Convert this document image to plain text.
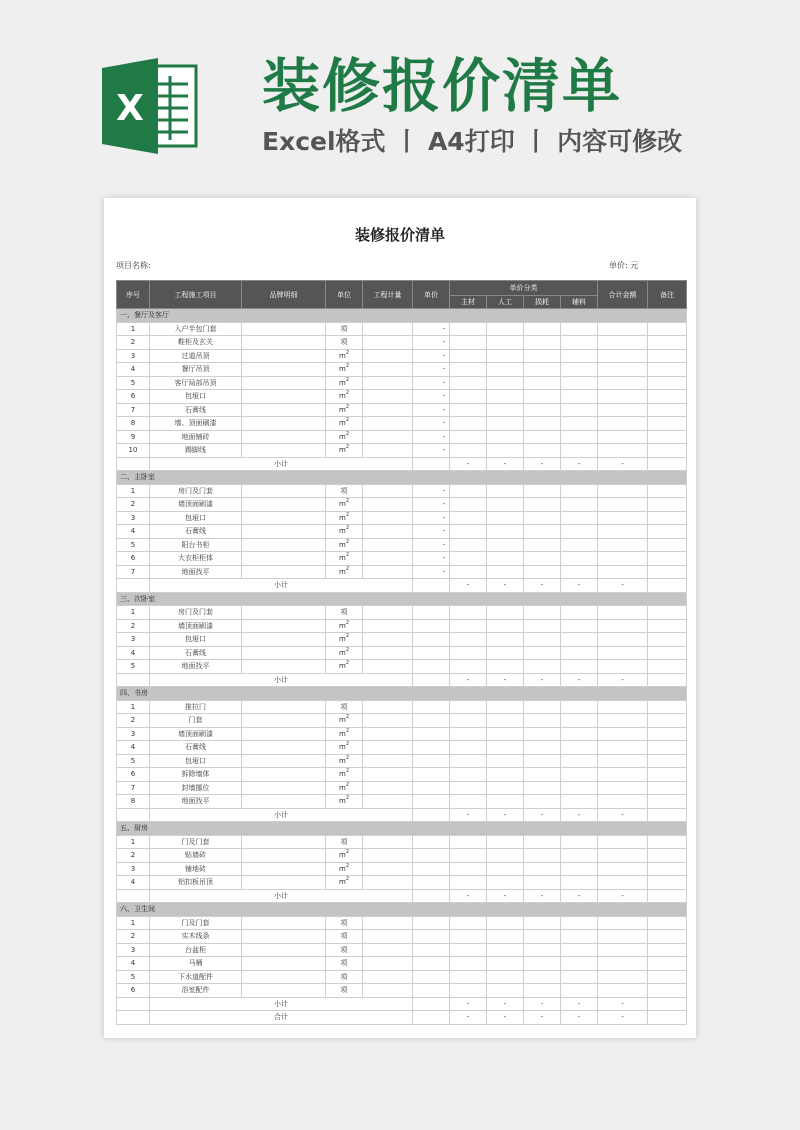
X 装修报价清单
Excel格式 丨 A4打印 丨 内容可修改
装修报价清单
项目名称:	单价: 元
序号	工程施工项目	品牌明细	单位	工程计量	单价	单价分类				合计金额	备注
						主材	人工	损耗	辅料		
一、餐厅及客厅											
1	入户半包门套		项		-						
2	鞋柜及玄关		项		-						
3	过道吊顶		$m^2$		-						
4	餐厅吊顶		$m^2$		-						
5	客厅局部吊顶		$m^2$		-						
6	包垭口		$m^2$		-						
7	石膏线		$m^2$		-						
8	墙、顶面刷漆		$m^2$		-						
9	地面铺砖		$m^2$		-						
10	踢脚线		$m^2$		-						
	小计					-	-	-	-	-	
二、主卧室											
1	房门及门套		项		-						
2	墙顶面刷漆		$m^2$		-						
3	包垭口		$m^2$		-						
4	石膏线		$m^2$		-						
5	阳台书柜		$m^2$		-						
6	大衣柜柜体		$m^2$		-						
7	地面找平		$m^2$		-						
	小计					-	-	-	-	-	
三、次卧室											
1	房门及门套		项								
2	墙顶面刷漆		$m^2$								
3	包垭口		$m^2$								
4	石膏线		$m^2$								
5	地面找平		$m^2$								
	小计					-	-	-	-	-	
四、书房											
1	推拉门		项								
2	门套		$m^2$								
3	墙顶面刷漆		$m^2$								
4	石膏线		$m^2$								
5	包垭口		$m^2$								
6	拆除墙体		$m^2$								
7	封墙挪位		$m^2$								
8	地面找平		$m^2$								
	小计					-	-	-	-	-	
五、厨房											
1	门及门套		项								
2	贴墙砖		$m^2$								
3	铺地砖		$m^2$								
4	铝扣板吊顶		$m^2$								
	小计					-	-	-	-	-	
六、卫生间											
1	门及门套		项								
2	实木线条		项								
3	台盆柜		项								
4	马桶		项								
5	下水道配件		项								
6	浴室配件		项								
	小计					-	-	-	-	-	
	合计					-	-	-	-	-	
